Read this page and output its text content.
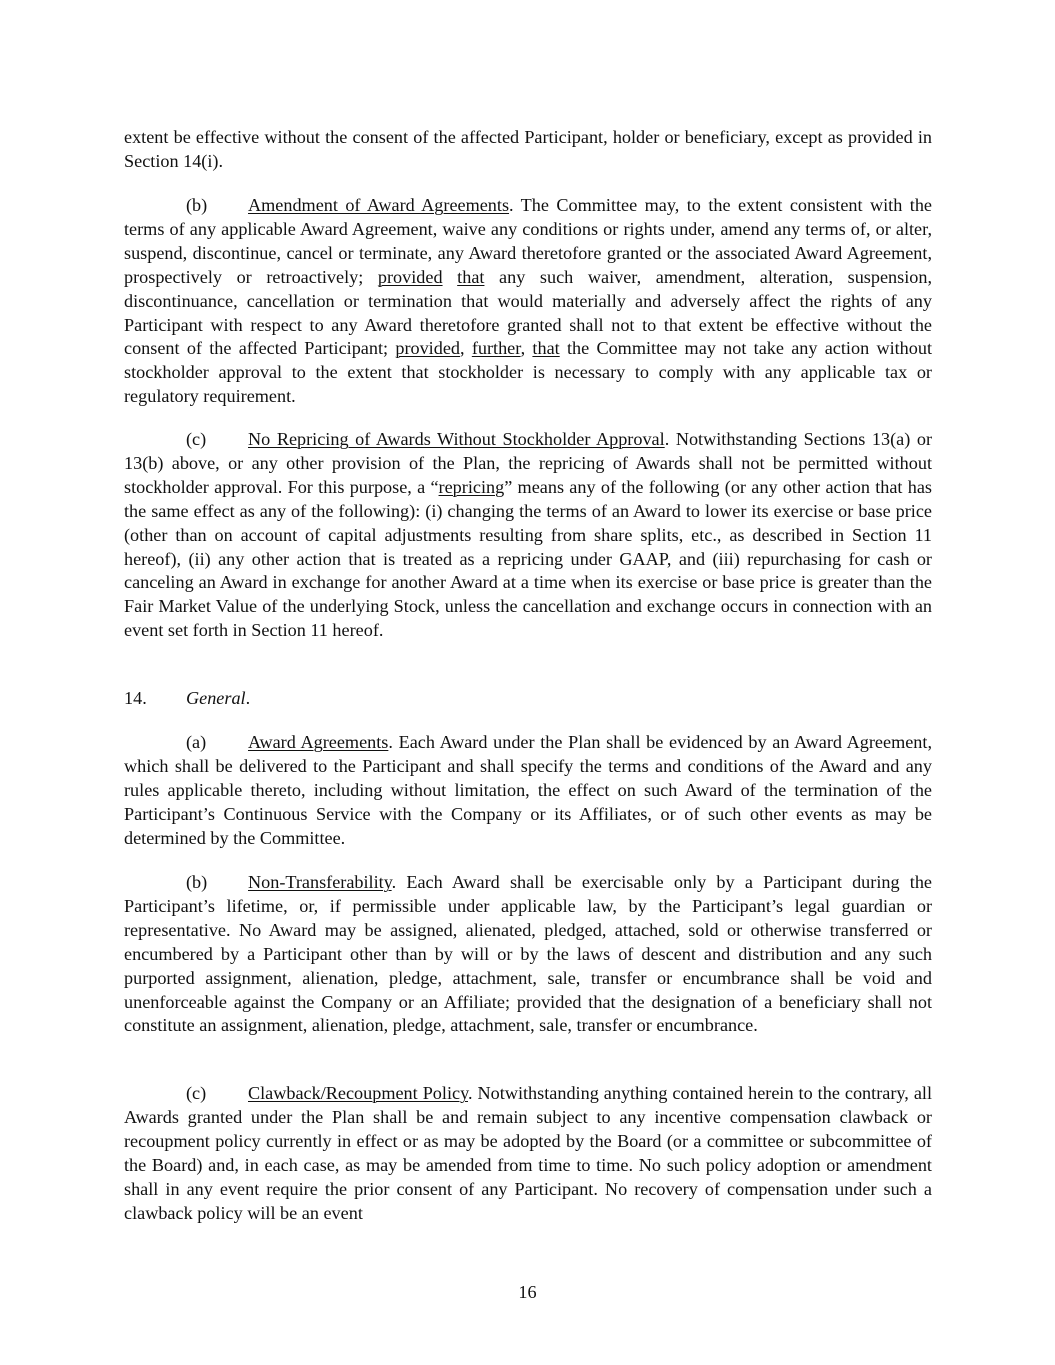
extent be effective without the consent of the affected Participant, holder or beneficiary, except as provided in Section 14(i).

(b) Amendment of Award Agreements. The Committee may, to the extent consistent with the terms of any applicable Award Agreement, waive any conditions or rights under, amend any terms of, or alter, suspend, discontinue, cancel or terminate, any Award theretofore granted or the associated Award Agreement, prospectively or retroactively; provided that any such waiver, amendment, alteration, suspension, discontinuance, cancellation or termination that would materially and adversely affect the rights of any Participant with respect to any Award theretofore granted shall not to that extent be effective without the consent of the affected Participant; provided, further, that the Committee may not take any action without stockholder approval to the extent that stockholder is necessary to comply with any applicable tax or regulatory requirement.

(c) No Repricing of Awards Without Stockholder Approval. Notwithstanding Sections 13(a) or 13(b) above, or any other provision of the Plan, the repricing of Awards shall not be permitted without stockholder approval. For this purpose, a “repricing” means any of the following (or any other action that has the same effect as any of the following): (i) changing the terms of an Award to lower its exercise or base price (other than on account of capital adjustments resulting from share splits, etc., as described in Section 11 hereof), (ii) any other action that is treated as a repricing under GAAP, and (iii) repurchasing for cash or canceling an Award in exchange for another Award at a time when its exercise or base price is greater than the Fair Market Value of the underlying Stock, unless the cancellation and exchange occurs in connection with an event set forth in Section 11 hereof.

14. General.

(a) Award Agreements. Each Award under the Plan shall be evidenced by an Award Agreement, which shall be delivered to the Participant and shall specify the terms and conditions of the Award and any rules applicable thereto, including without limitation, the effect on such Award of the termination of the Participant’s Continuous Service with the Company or its Affiliates, or of such other events as may be determined by the Committee.

(b) Non-Transferability. Each Award shall be exercisable only by a Participant during the Participant’s lifetime, or, if permissible under applicable law, by the Participant’s legal guardian or representative. No Award may be assigned, alienated, pledged, attached, sold or otherwise transferred or encumbered by a Participant other than by will or by the laws of descent and distribution and any such purported assignment, alienation, pledge, attachment, sale, transfer or encumbrance shall be void and unenforceable against the Company or an Affiliate; provided that the designation of a beneficiary shall not constitute an assignment, alienation, pledge, attachment, sale, transfer or encumbrance.

(c) Clawback/Recoupment Policy. Notwithstanding anything contained herein to the contrary, all Awards granted under the Plan shall be and remain subject to any incentive compensation clawback or recoupment policy currently in effect or as may be adopted by the Board (or a committee or subcommittee of the Board) and, in each case, as may be amended from time to time. No such policy adoption or amendment shall in any event require the prior consent of any Participant. No recovery of compensation under such a clawback policy will be an event

16
